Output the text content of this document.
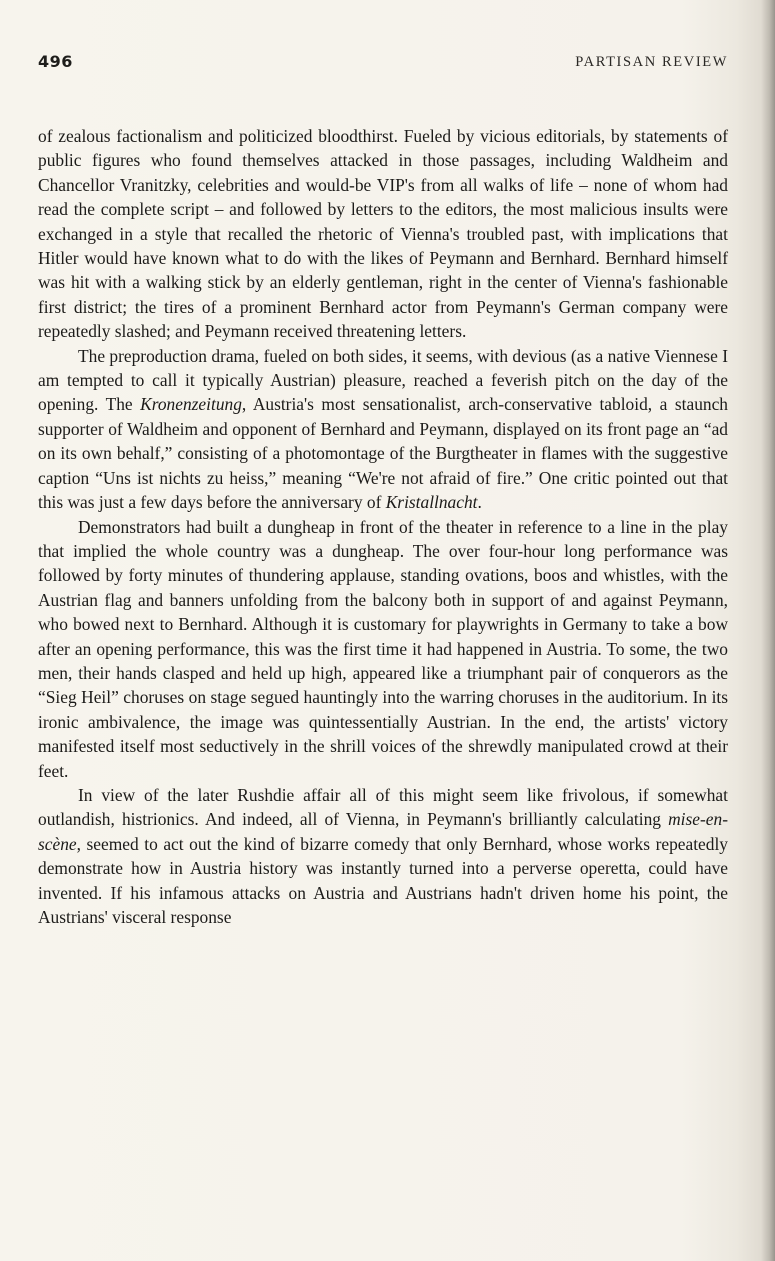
496	PARTISAN REVIEW

of zealous factionalism and politicized bloodthirst. Fueled by vicious editorials, by statements of public figures who found themselves attacked in those passages, including Waldheim and Chancellor Vranitzky, celebrities and would-be VIP's from all walks of life – none of whom had read the complete script – and followed by letters to the editors, the most malicious insults were exchanged in a style that recalled the rhetoric of Vienna's troubled past, with implications that Hitler would have known what to do with the likes of Peymann and Bernhard. Bernhard himself was hit with a walking stick by an elderly gentleman, right in the center of Vienna's fashionable first district; the tires of a prominent Bernhard actor from Peymann's German company were repeatedly slashed; and Peymann received threatening letters.

The preproduction drama, fueled on both sides, it seems, with devious (as a native Viennese I am tempted to call it typically Austrian) pleasure, reached a feverish pitch on the day of the opening. The Kronenzeitung, Austria's most sensationalist, arch-conservative tabloid, a staunch supporter of Waldheim and opponent of Bernhard and Peymann, displayed on its front page an “ad on its own behalf,” consisting of a photomontage of the Burgtheater in flames with the suggestive caption “Uns ist nichts zu heiss,” meaning “We're not afraid of fire.” One critic pointed out that this was just a few days before the anniversary of Kristallnacht.

Demonstrators had built a dungheap in front of the theater in reference to a line in the play that implied the whole country was a dungheap. The over four-hour long performance was followed by forty minutes of thundering applause, standing ovations, boos and whistles, with the Austrian flag and banners unfolding from the balcony both in support of and against Peymann, who bowed next to Bernhard. Although it is customary for playwrights in Germany to take a bow after an opening performance, this was the first time it had happened in Austria. To some, the two men, their hands clasped and held up high, appeared like a triumphant pair of conquerors as the “Sieg Heil” choruses on stage segued hauntingly into the warring choruses in the auditorium. In its ironic ambivalence, the image was quintessentially Austrian. In the end, the artists' victory manifested itself most seductively in the shrill voices of the shrewdly manipulated crowd at their feet.

In view of the later Rushdie affair all of this might seem like frivolous, if somewhat outlandish, histrionics. And indeed, all of Vienna, in Peymann's brilliantly calculating mise-en-scène, seemed to act out the kind of bizarre comedy that only Bernhard, whose works repeatedly demonstrate how in Austria history was instantly turned into a perverse operetta, could have invented. If his infamous attacks on Austria and Austrians hadn't driven home his point, the Austrians' visceral response
